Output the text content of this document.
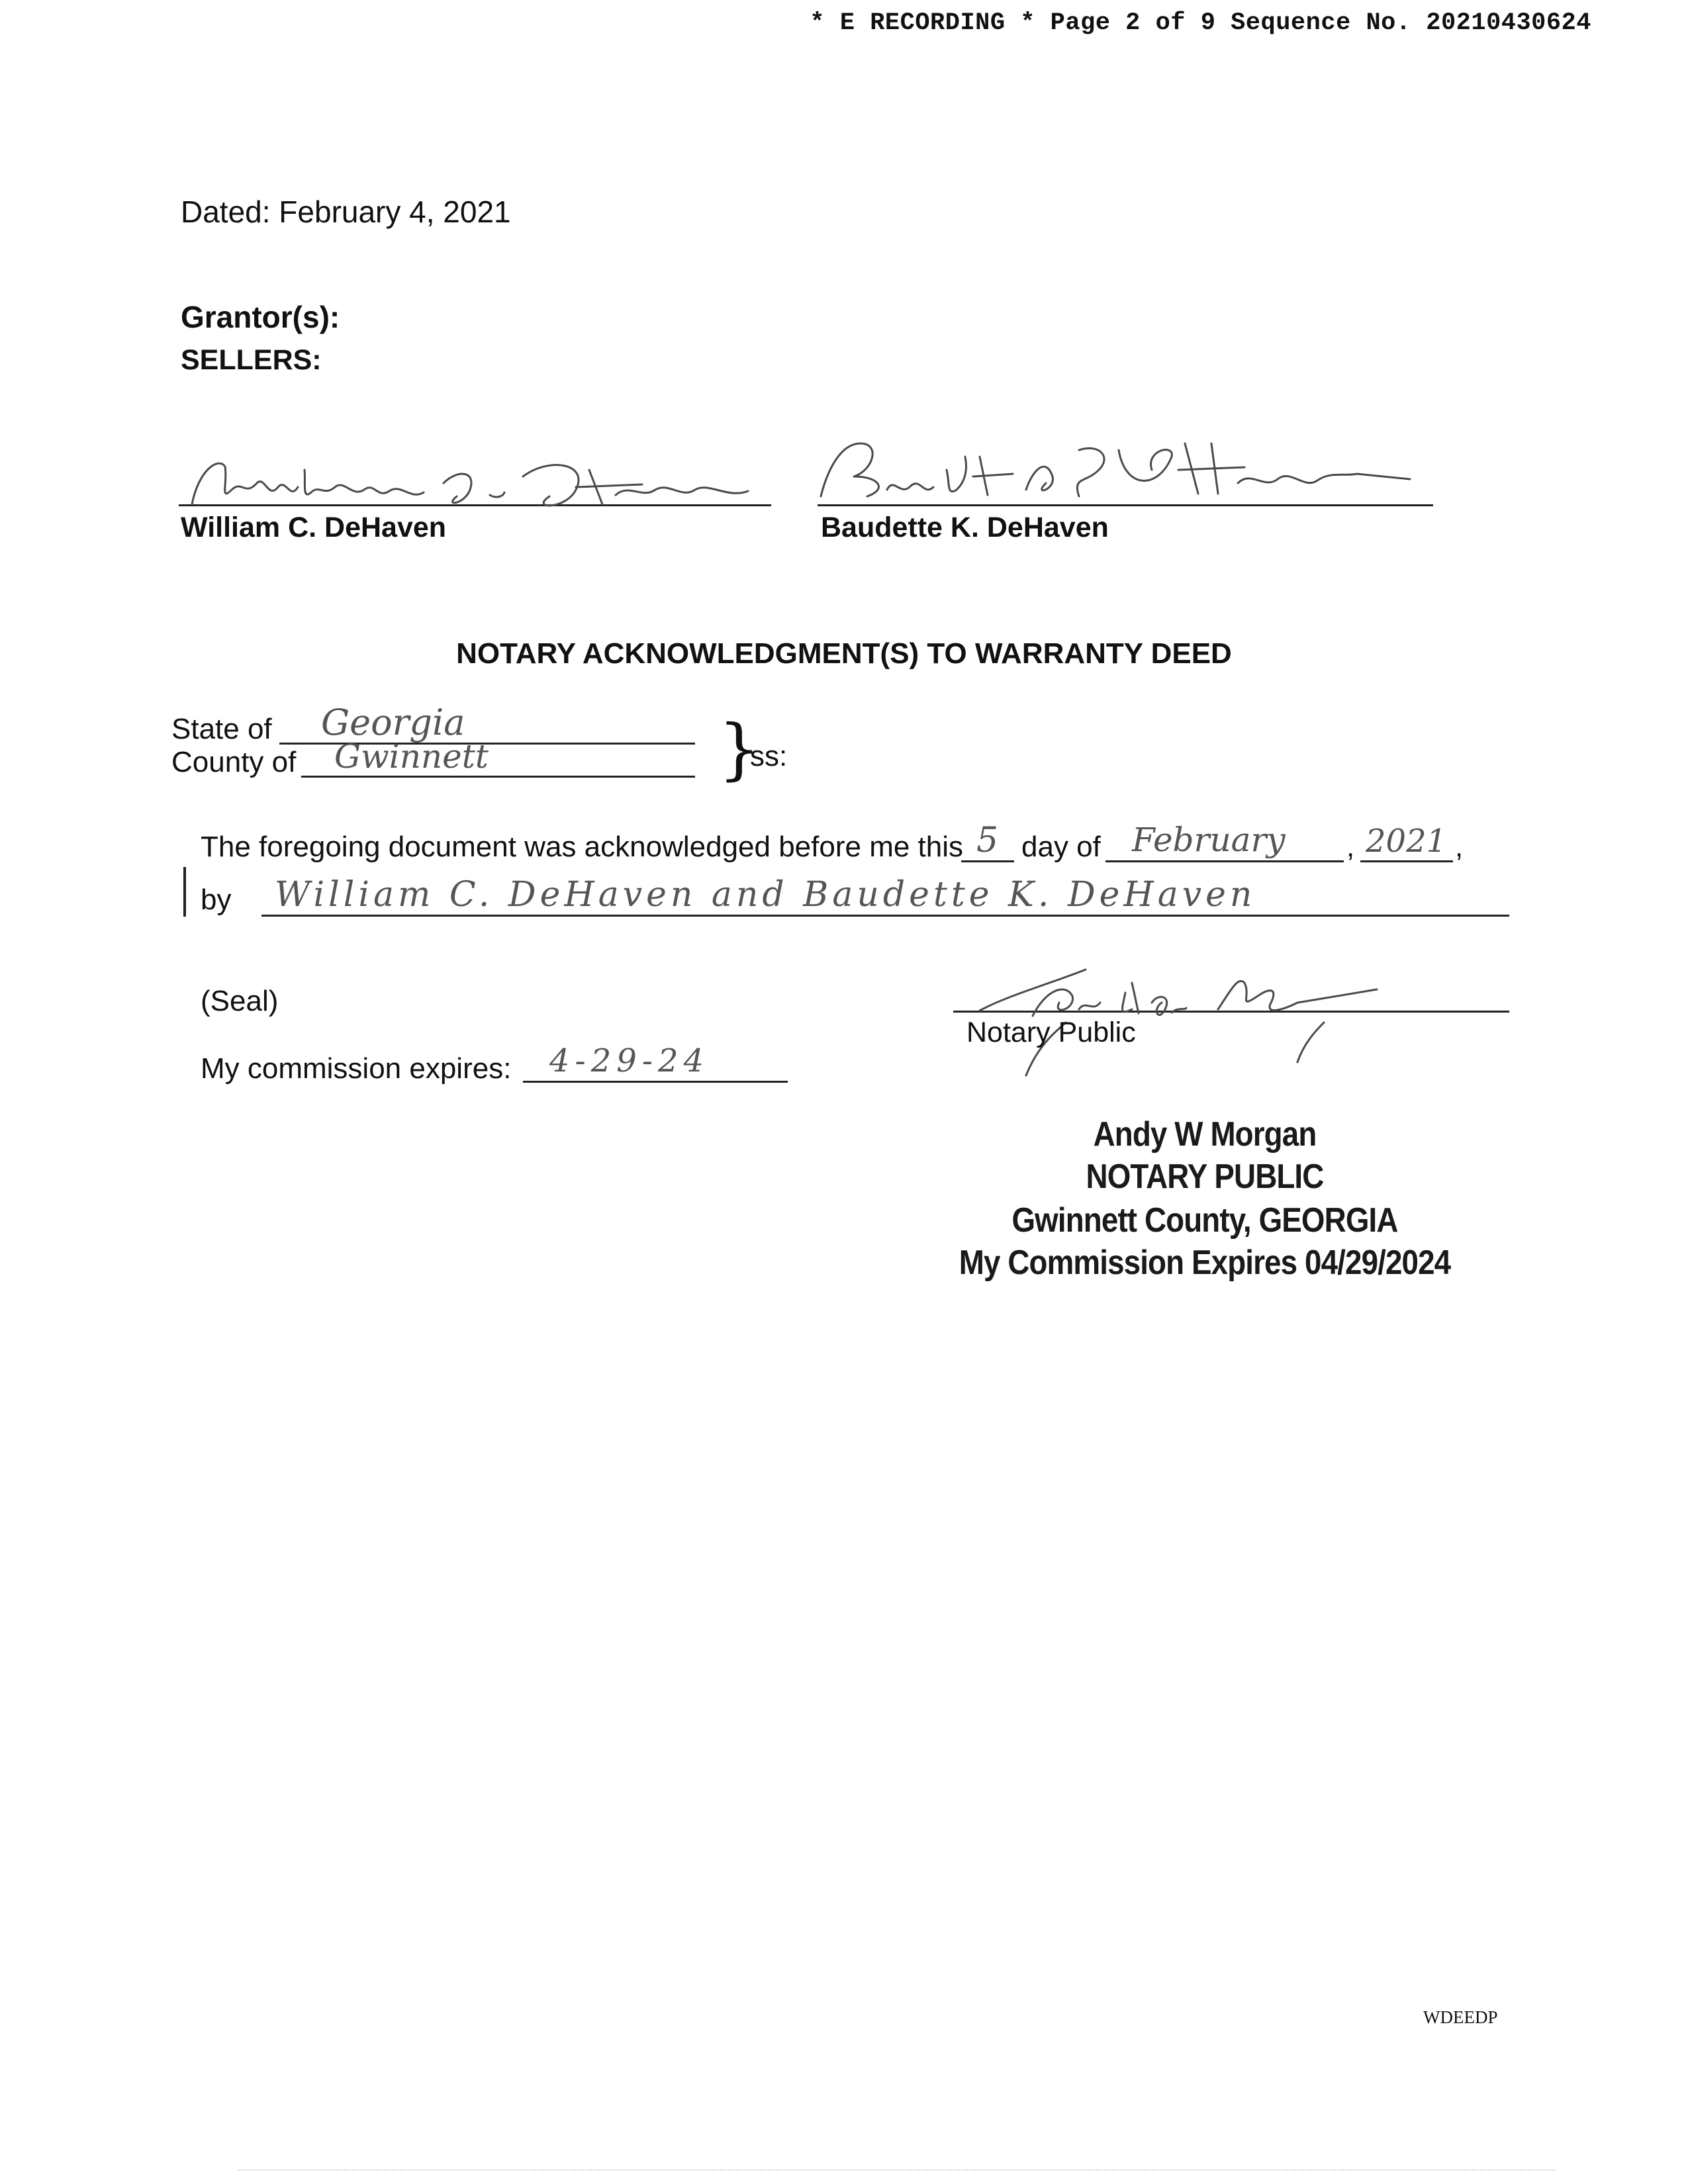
* E RECORDING * Page 2 of 9 Sequence No. 20210430624
Dated: February 4, 2021
Grantor(s):
SELLERS:
William C. DeHaven	Baudette K. DeHaven
NOTARY ACKNOWLEDGMENT(S) TO WARRANTY DEED
State of Georgia
County of Gwinnett	}
ss:
The foregoing document was acknowledged before me this 5 day of February , 2021 ,
by William C. DeHaven and Baudette K. DeHaven
(Seal)
My commission expires: 4-29-24
Notary Public
Andy W Morgan
NOTARY PUBLIC
Gwinnett County, GEORGIA
My Commission Expires 04/29/2024
WDEEDP
